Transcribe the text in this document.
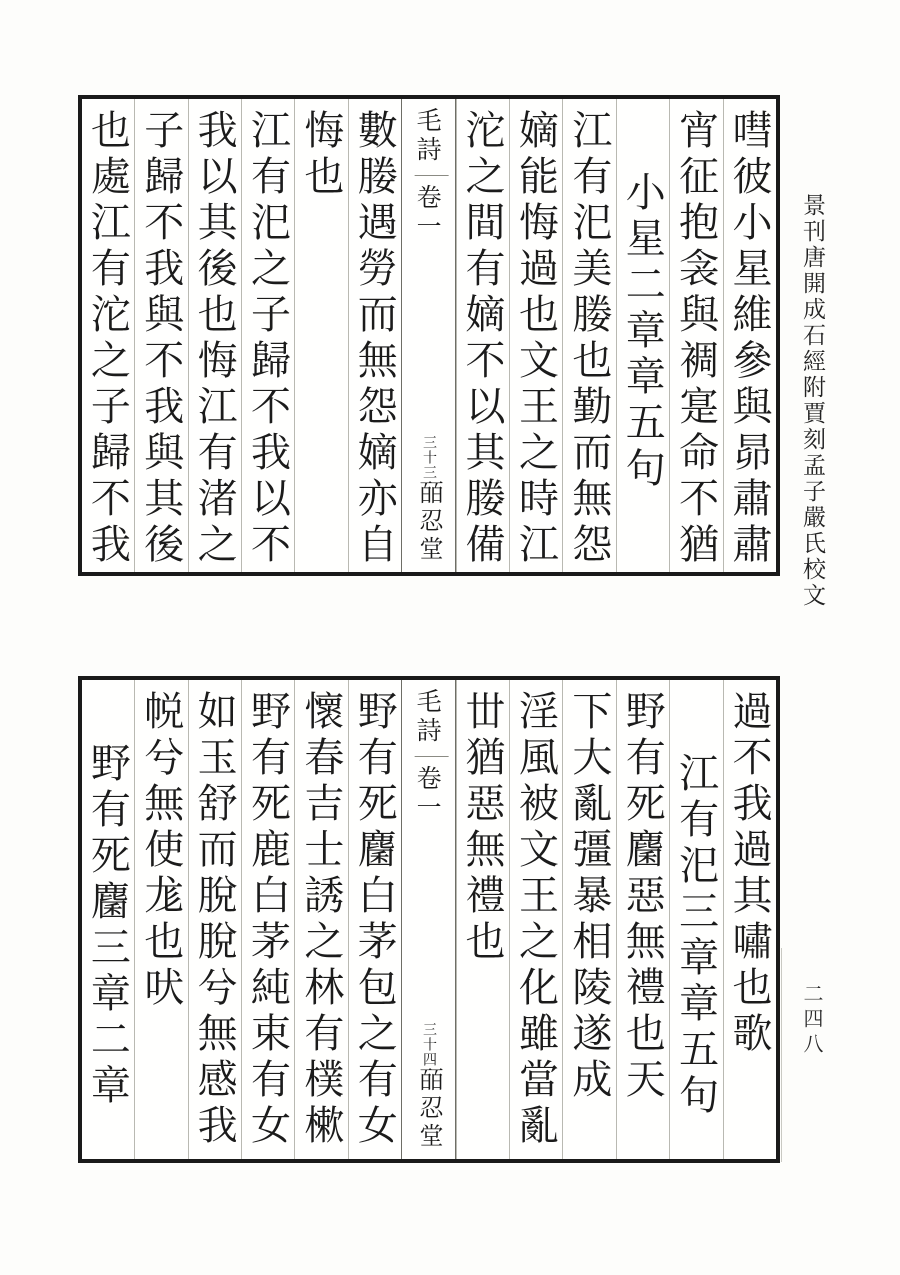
景刊唐開成石經附賈刻孟子嚴氏校文
嘒彼小星維參與昴肅肅
宵征抱衾與裯寔命不猶
小星二章章五句
江有汜美媵也勤而無怨
嫡能悔過也文王之時江
沱之間有嫡不以其媵備
毛詩卷一
三十三皕忍堂
數媵遇勞而無怨嫡亦自
悔也
江有汜之子歸不我以不
我以其後也悔江有渚之
子歸不我與不我與其後
也處江有沱之子歸不我
過不我過其嘯也歌
江有汜三章章五句
野有死麕惡無禮也天
下大亂彊暴相陵遂成
淫風被文王之化雖當亂
丗猶惡無禮也
毛詩卷一
三十四皕忍堂
野有死麕白茅包之有女
懷春吉士誘之林有樸樕
野有死鹿白茅純束有女
如玉舒而脫脫兮無感我
帨兮無使尨也吠
野有死麕三章二章	二四八
